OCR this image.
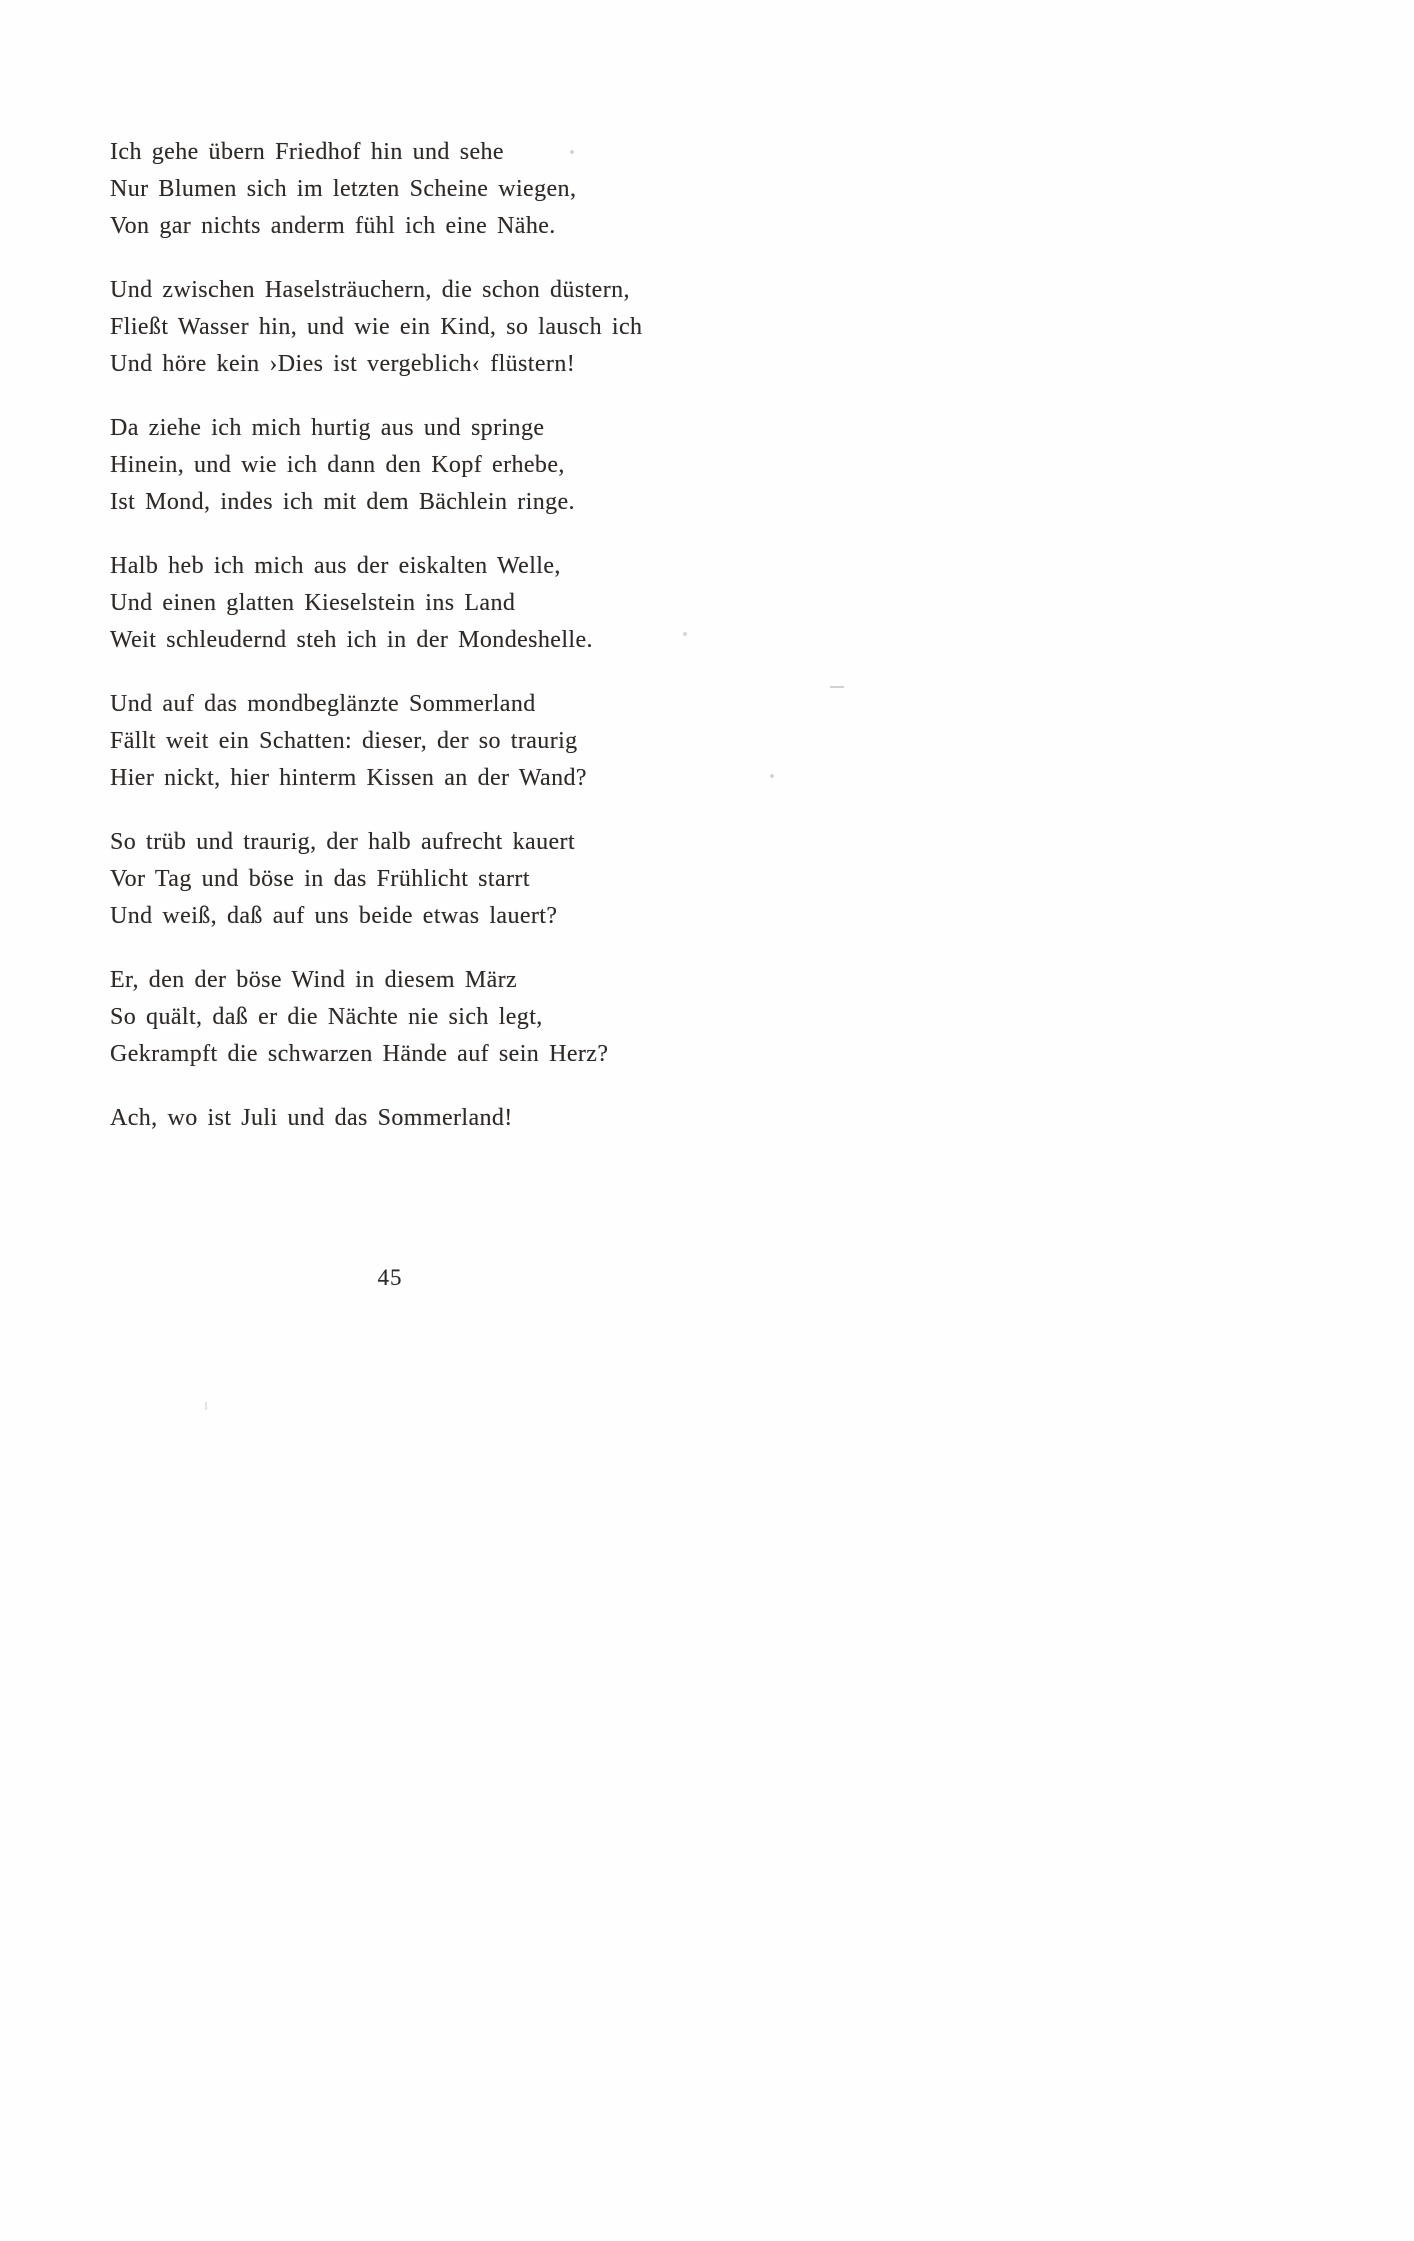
Ich gehe übern Friedhof hin und sehe
Nur Blumen sich im letzten Scheine wiegen,
Von gar nichts anderm fühl ich eine Nähe.
Und zwischen Haselsträuchern, die schon düstern,
Fließt Wasser hin, und wie ein Kind, so lausch ich
Und höre kein ›Dies ist vergeblich‹ flüstern!
Da ziehe ich mich hurtig aus und springe
Hinein, und wie ich dann den Kopf erhebe,
Ist Mond, indes ich mit dem Bächlein ringe.
Halb heb ich mich aus der eiskalten Welle,
Und einen glatten Kieselstein ins Land
Weit schleudernd steh ich in der Mondeshelle.
Und auf das mondbeglänzte Sommerland
Fällt weit ein Schatten: dieser, der so traurig
Hier nickt, hier hinterm Kissen an der Wand?
So trüb und traurig, der halb aufrecht kauert
Vor Tag und böse in das Frühlicht starrt
Und weiß, daß auf uns beide etwas lauert?
Er, den der böse Wind in diesem März
So quält, daß er die Nächte nie sich legt,
Gekrampft die schwarzen Hände auf sein Herz?
Ach, wo ist Juli und das Sommerland!
45
